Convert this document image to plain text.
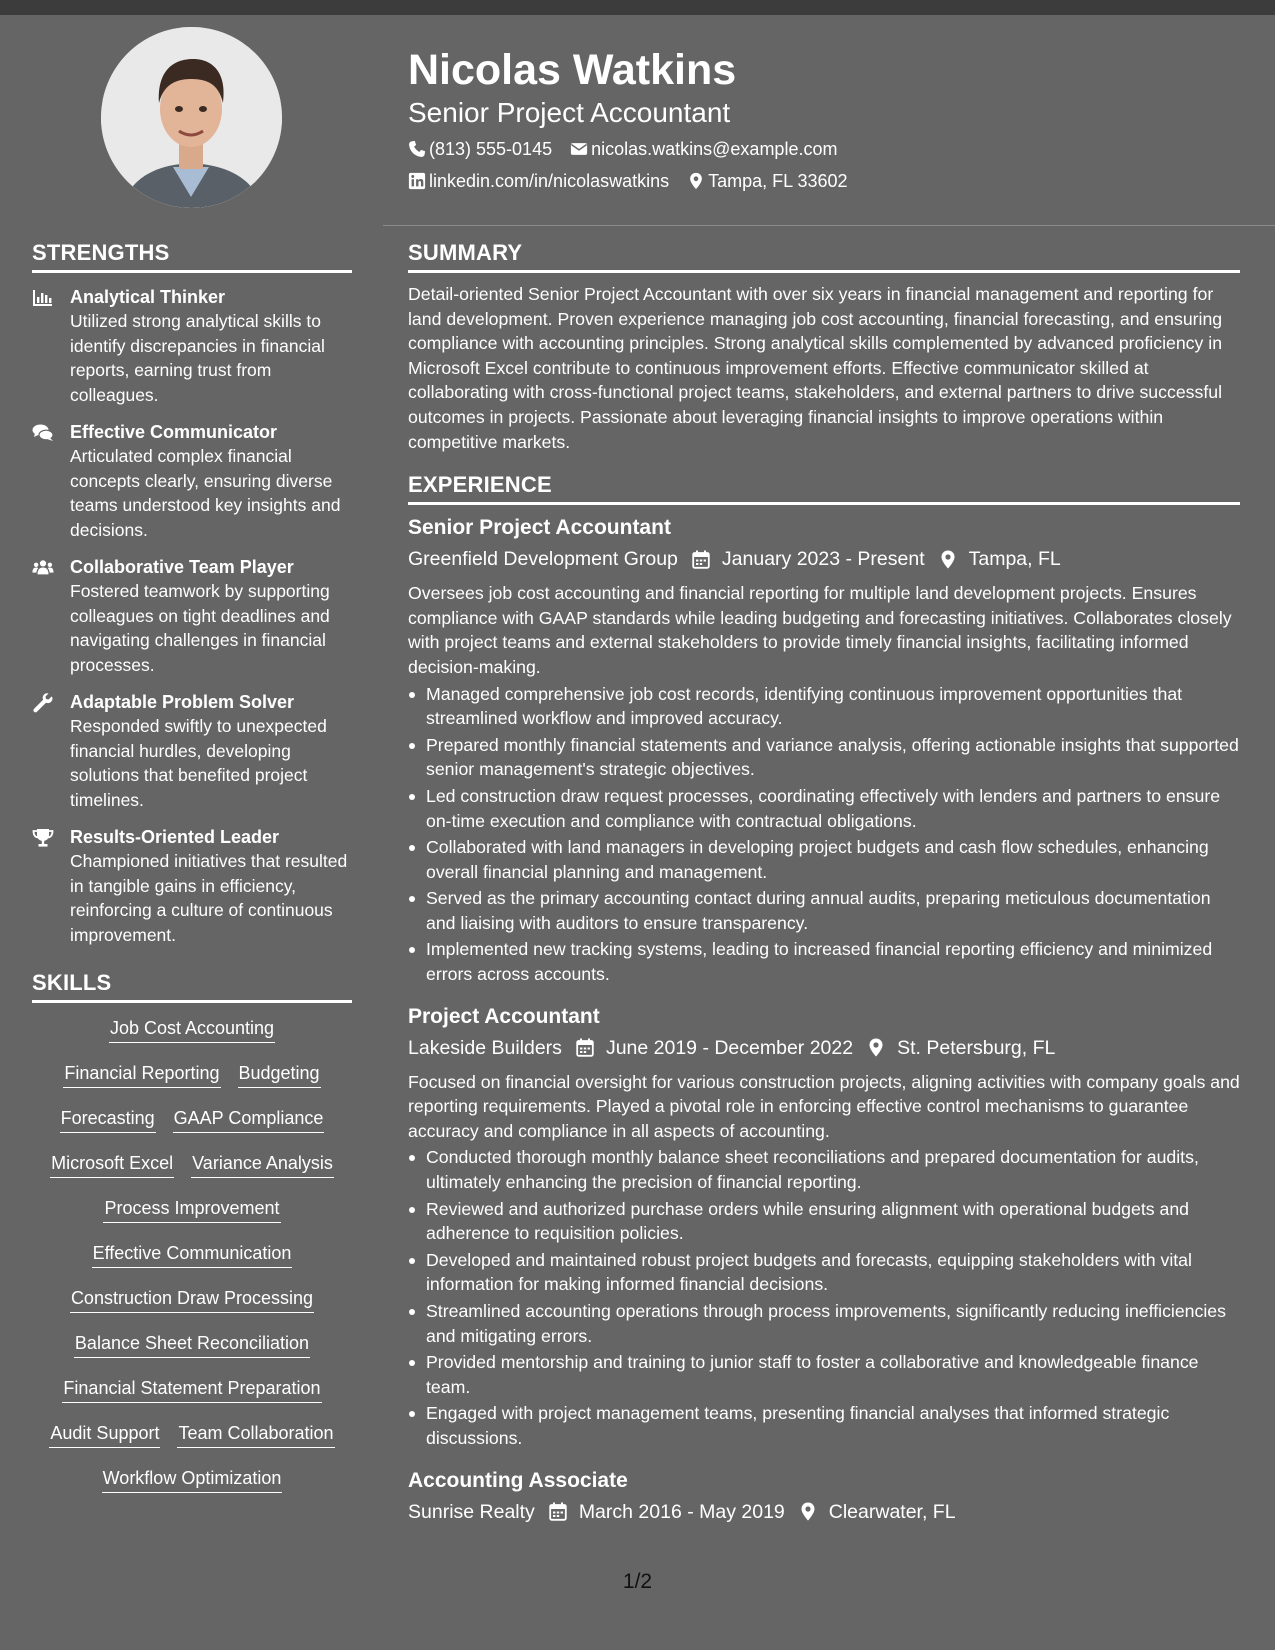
Nicolas Watkins
Senior Project Accountant
(813) 555-0145 nicolas.watkins@example.com
linkedin.com/in/nicolaswatkins Tampa, FL 33602
STRENGTHS
Analytical Thinker
Utilized strong analytical skills to identify discrepancies in financial reports, earning trust from colleagues.
Effective Communicator
Articulated complex financial concepts clearly, ensuring diverse teams understood key insights and decisions.
Collaborative Team Player
Fostered teamwork by supporting colleagues on tight deadlines and navigating challenges in financial processes.
Adaptable Problem Solver
Responded swiftly to unexpected financial hurdles, developing solutions that benefited project timelines.
Results-Oriented Leader
Championed initiatives that resulted in tangible gains in efficiency, reinforcing a culture of continuous improvement.
SKILLS
Job Cost Accounting
Financial Reporting Budgeting
Forecasting GAAP Compliance
Microsoft Excel Variance Analysis
Process Improvement
Effective Communication
Construction Draw Processing
Balance Sheet Reconciliation
Financial Statement Preparation
Audit Support Team Collaboration
Workflow Optimization
SUMMARY
Detail-oriented Senior Project Accountant with over six years in financial management and reporting for land development. Proven experience managing job cost accounting, financial forecasting, and ensuring compliance with accounting principles. Strong analytical skills complemented by advanced proficiency in Microsoft Excel contribute to continuous improvement efforts. Effective communicator skilled at collaborating with cross-functional project teams, stakeholders, and external partners to drive successful outcomes in projects. Passionate about leveraging financial insights to improve operations within competitive markets.
EXPERIENCE
Senior Project Accountant
Greenfield Development Group January 2023 - Present Tampa, FL
Oversees job cost accounting and financial reporting for multiple land development projects. Ensures compliance with GAAP standards while leading budgeting and forecasting initiatives. Collaborates closely with project teams and external stakeholders to provide timely financial insights, facilitating informed decision-making.
Managed comprehensive job cost records, identifying continuous improvement opportunities that streamlined workflow and improved accuracy.
Prepared monthly financial statements and variance analysis, offering actionable insights that supported senior management's strategic objectives.
Led construction draw request processes, coordinating effectively with lenders and partners to ensure on-time execution and compliance with contractual obligations.
Collaborated with land managers in developing project budgets and cash flow schedules, enhancing overall financial planning and management.
Served as the primary accounting contact during annual audits, preparing meticulous documentation and liaising with auditors to ensure transparency.
Implemented new tracking systems, leading to increased financial reporting efficiency and minimized errors across accounts.
Project Accountant
Lakeside Builders June 2019 - December 2022 St. Petersburg, FL
Focused on financial oversight for various construction projects, aligning activities with company goals and reporting requirements. Played a pivotal role in enforcing effective control mechanisms to guarantee accuracy and compliance in all aspects of accounting.
Conducted thorough monthly balance sheet reconciliations and prepared documentation for audits, ultimately enhancing the precision of financial reporting.
Reviewed and authorized purchase orders while ensuring alignment with operational budgets and adherence to requisition policies.
Developed and maintained robust project budgets and forecasts, equipping stakeholders with vital information for making informed financial decisions.
Streamlined accounting operations through process improvements, significantly reducing inefficiencies and mitigating errors.
Provided mentorship and training to junior staff to foster a collaborative and knowledgeable finance team.
Engaged with project management teams, presenting financial analyses that informed strategic discussions.
Accounting Associate
Sunrise Realty March 2016 - May 2019 Clearwater, FL
1/2
